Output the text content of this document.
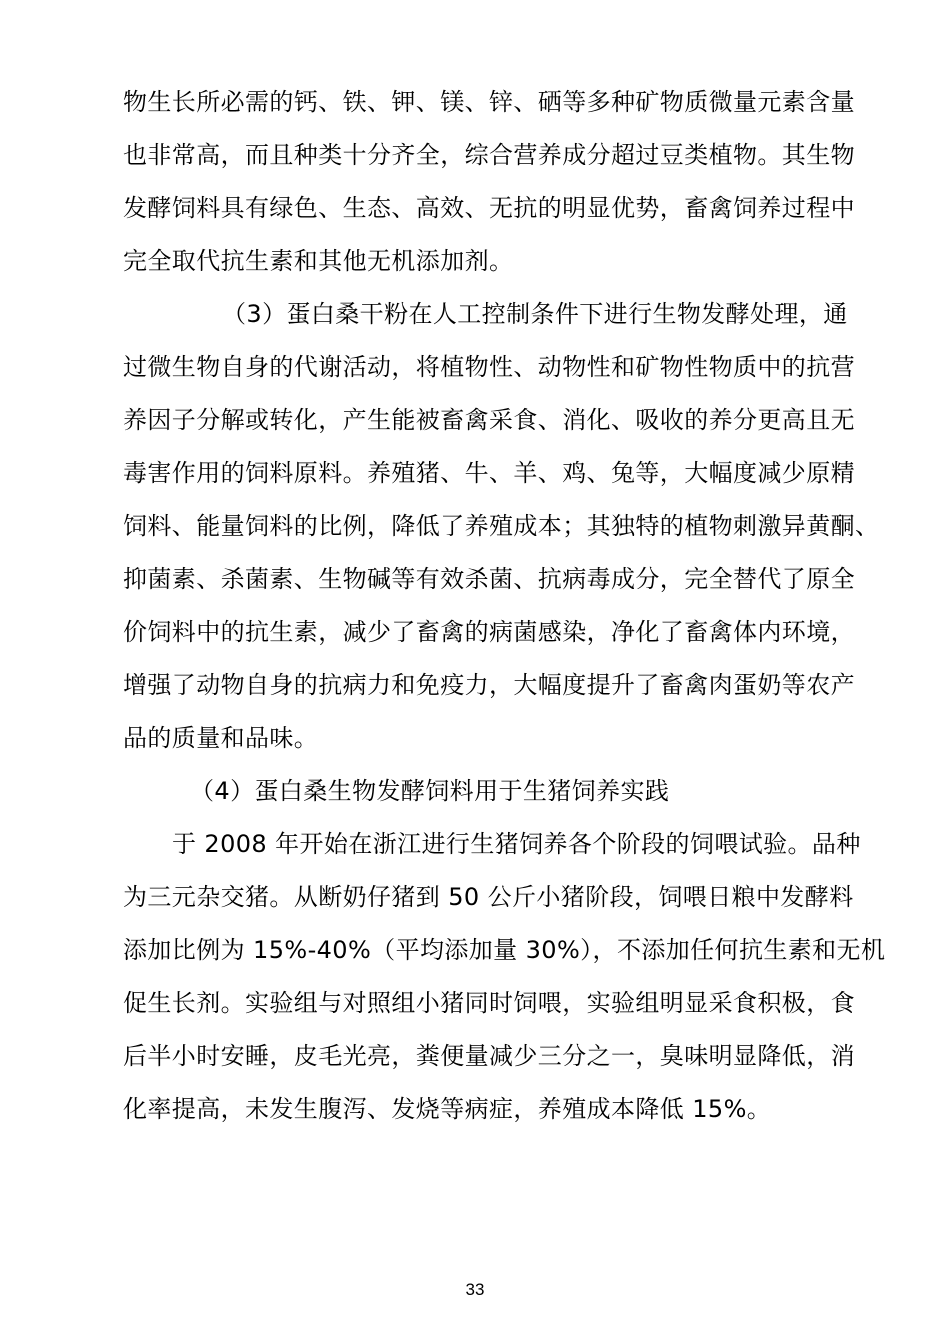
物生长所必需的钙、铁、钾、镁、锌、硒等多种矿物质微量元素含量
也非常高，而且种类十分齐全，综合营养成分超过豆类植物。其生物
发酵饲料具有绿色、生态、高效、无抗的明显优势，畜禽饲养过程中
完全取代抗生素和其他无机添加剂。
（3）蛋白桑干粉在人工控制条件下进行生物发酵处理，通
过微生物自身的代谢活动，将植物性、动物性和矿物性物质中的抗营
养因子分解或转化，产生能被畜禽采食、消化、吸收的养分更高且无
毒害作用的饲料原料。养殖猪、牛、羊、鸡、兔等，大幅度减少原精
饲料、能量饲料的比例，降低了养殖成本；其独特的植物刺激异黄酮、
抑菌素、杀菌素、生物碱等有效杀菌、抗病毒成分，完全替代了原全
价饲料中的抗生素，减少了畜禽的病菌感染，净化了畜禽体内环境，
增强了动物自身的抗病力和免疫力，大幅度提升了畜禽肉蛋奶等农产
品的质量和品味。
（4）蛋白桑生物发酵饲料用于生猪饲养实践
于 2008 年开始在浙江进行生猪饲养各个阶段的饲喂试验。品种
为三元杂交猪。从断奶仔猪到 50 公斤小猪阶段，饲喂日粮中发酵料
添加比例为 15%-40%（平均添加量 30%），不添加任何抗生素和无机
促生长剂。实验组与对照组小猪同时饲喂，实验组明显采食积极，食
后半小时安睡，皮毛光亮，粪便量减少三分之一，臭味明显降低，消
化率提高，未发生腹泻、发烧等病症，养殖成本降低 15%。
33
